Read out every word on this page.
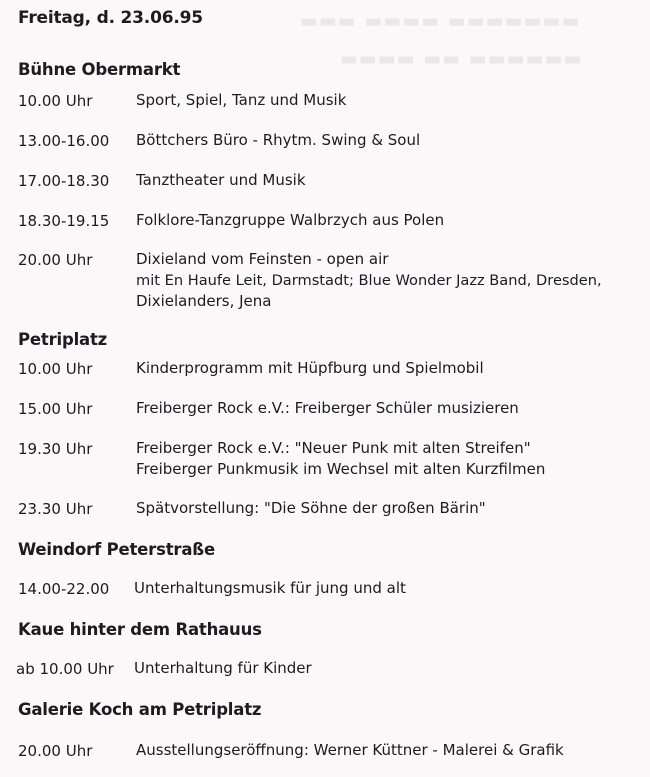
▬▬▬ ▬▬▬▬ ▬▬▬▬▬▬▬
▬▬▬▬ ▬▬ ▬▬▬▬▬▬
Freitag, d. 23.06.95
Bühne Obermarkt
10.00 Uhr	Sport, Spiel, Tanz und Musik
13.00-16.00 Böttchers Büro - Rhytm. Swing & Soul
17.00-18.30 Tanztheater und Musik
18.30-19.15 Folklore-Tanzgruppe Walbrzych aus Polen
20.00 Uhr	Dixieland vom Feinsten - open air
mit En Haufe Leit, Darmstadt; Blue Wonder Jazz Band, Dresden,
Dixielanders, Jena
Petriplatz
10.00 Uhr	Kinderprogramm mit Hüpfburg und Spielmobil
15.00 Uhr	Freiberger Rock e.V.: Freiberger Schüler musizieren
19.30 Uhr	Freiberger Rock e.V.: "Neuer Punk mit alten Streifen"
Freiberger Punkmusik im Wechsel mit alten Kurzfilmen
23.30 Uhr	Spätvorstellung: "Die Söhne der großen Bärin"
Weindorf Peterstraße
14.00-22.00 Unterhaltungsmusik für jung und alt
Kaue hinter dem Rathauus
ab 10.00 Uhr Unterhaltung für Kinder
Galerie Koch am Petriplatz
20.00 Uhr	Ausstellungseröffnung: Werner Küttner - Malerei & Grafik
